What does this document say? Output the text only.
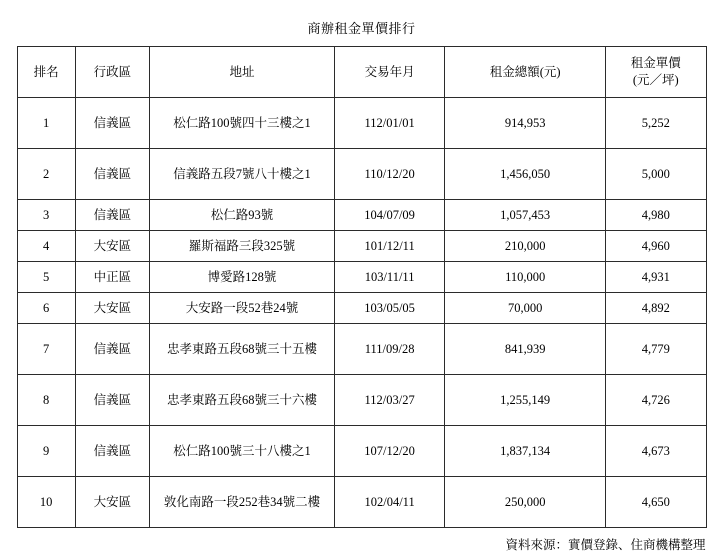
商辦租金單價排行
排名	行政區	地址	交易年月	租金總額(元)	租金單價
(元／坪)

1	信義區	松仁路100號四十三樓之1	112/01/01	914,953	5,252
2	信義區	信義路五段7號八十樓之1	110/12/20	1,456,050	5,000
3	信義區	松仁路93號	104/07/09	1,057,453	4,980
4	大安區	羅斯福路三段325號	101/12/11	210,000	4,960
5	中正區	博愛路128號	103/11/11	110,000	4,931
6	大安區	大安路一段52巷24號	103/05/05	70,000	4,892
7	信義區	忠孝東路五段68號三十五樓	111/09/28	841,939	4,779
8	信義區	忠孝東路五段68號三十六樓	112/03/27	1,255,149	4,726
9	信義區	松仁路100號三十八樓之1	107/12/20	1,837,134	4,673
10	大安區	敦化南路一段252巷34號二樓	102/04/11	250,000	4,650
資料來源：實價登錄、住商機構整理
